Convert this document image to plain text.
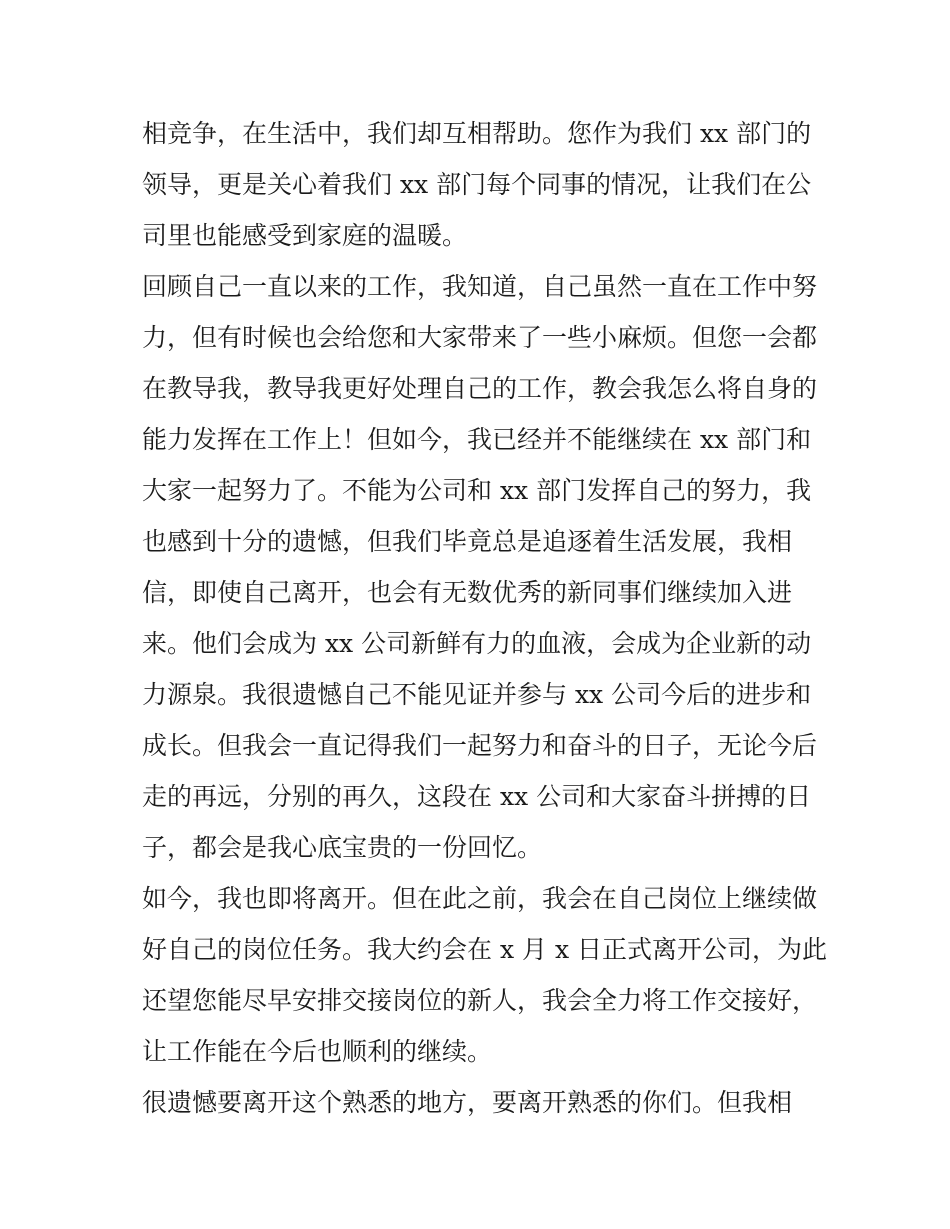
相竞争，在生活中，我们却互相帮助。您作为我们 xx 部门的
领导，更是关心着我们 xx 部门每个同事的情况，让我们在公
司里也能感受到家庭的温暖。

回顾自己一直以来的工作，我知道，自己虽然一直在工作中努
力，但有时候也会给您和大家带来了一些小麻烦。但您一会都
在教导我，教导我更好处理自己的工作，教会我怎么将自身的
能力发挥在工作上！但如今，我已经并不能继续在 xx 部门和
大家一起努力了。不能为公司和 xx 部门发挥自己的努力，我
也感到十分的遗憾，但我们毕竟总是追逐着生活发展，我相
信，即使自己离开，也会有无数优秀的新同事们继续加入进
来。他们会成为 xx 公司新鲜有力的血液，会成为企业新的动
力源泉。我很遗憾自己不能见证并参与 xx 公司今后的进步和
成长。但我会一直记得我们一起努力和奋斗的日子，无论今后
走的再远，分别的再久，这段在 xx 公司和大家奋斗拼搏的日
子，都会是我心底宝贵的一份回忆。

如今，我也即将离开。但在此之前，我会在自己岗位上继续做
好自己的岗位任务。我大约会在 x 月 x 日正式离开公司，为此
还望您能尽早安排交接岗位的新人，我会全力将工作交接好，
让工作能在今后也顺利的继续。

很遗憾要离开这个熟悉的地方，要离开熟悉的你们。但我相
